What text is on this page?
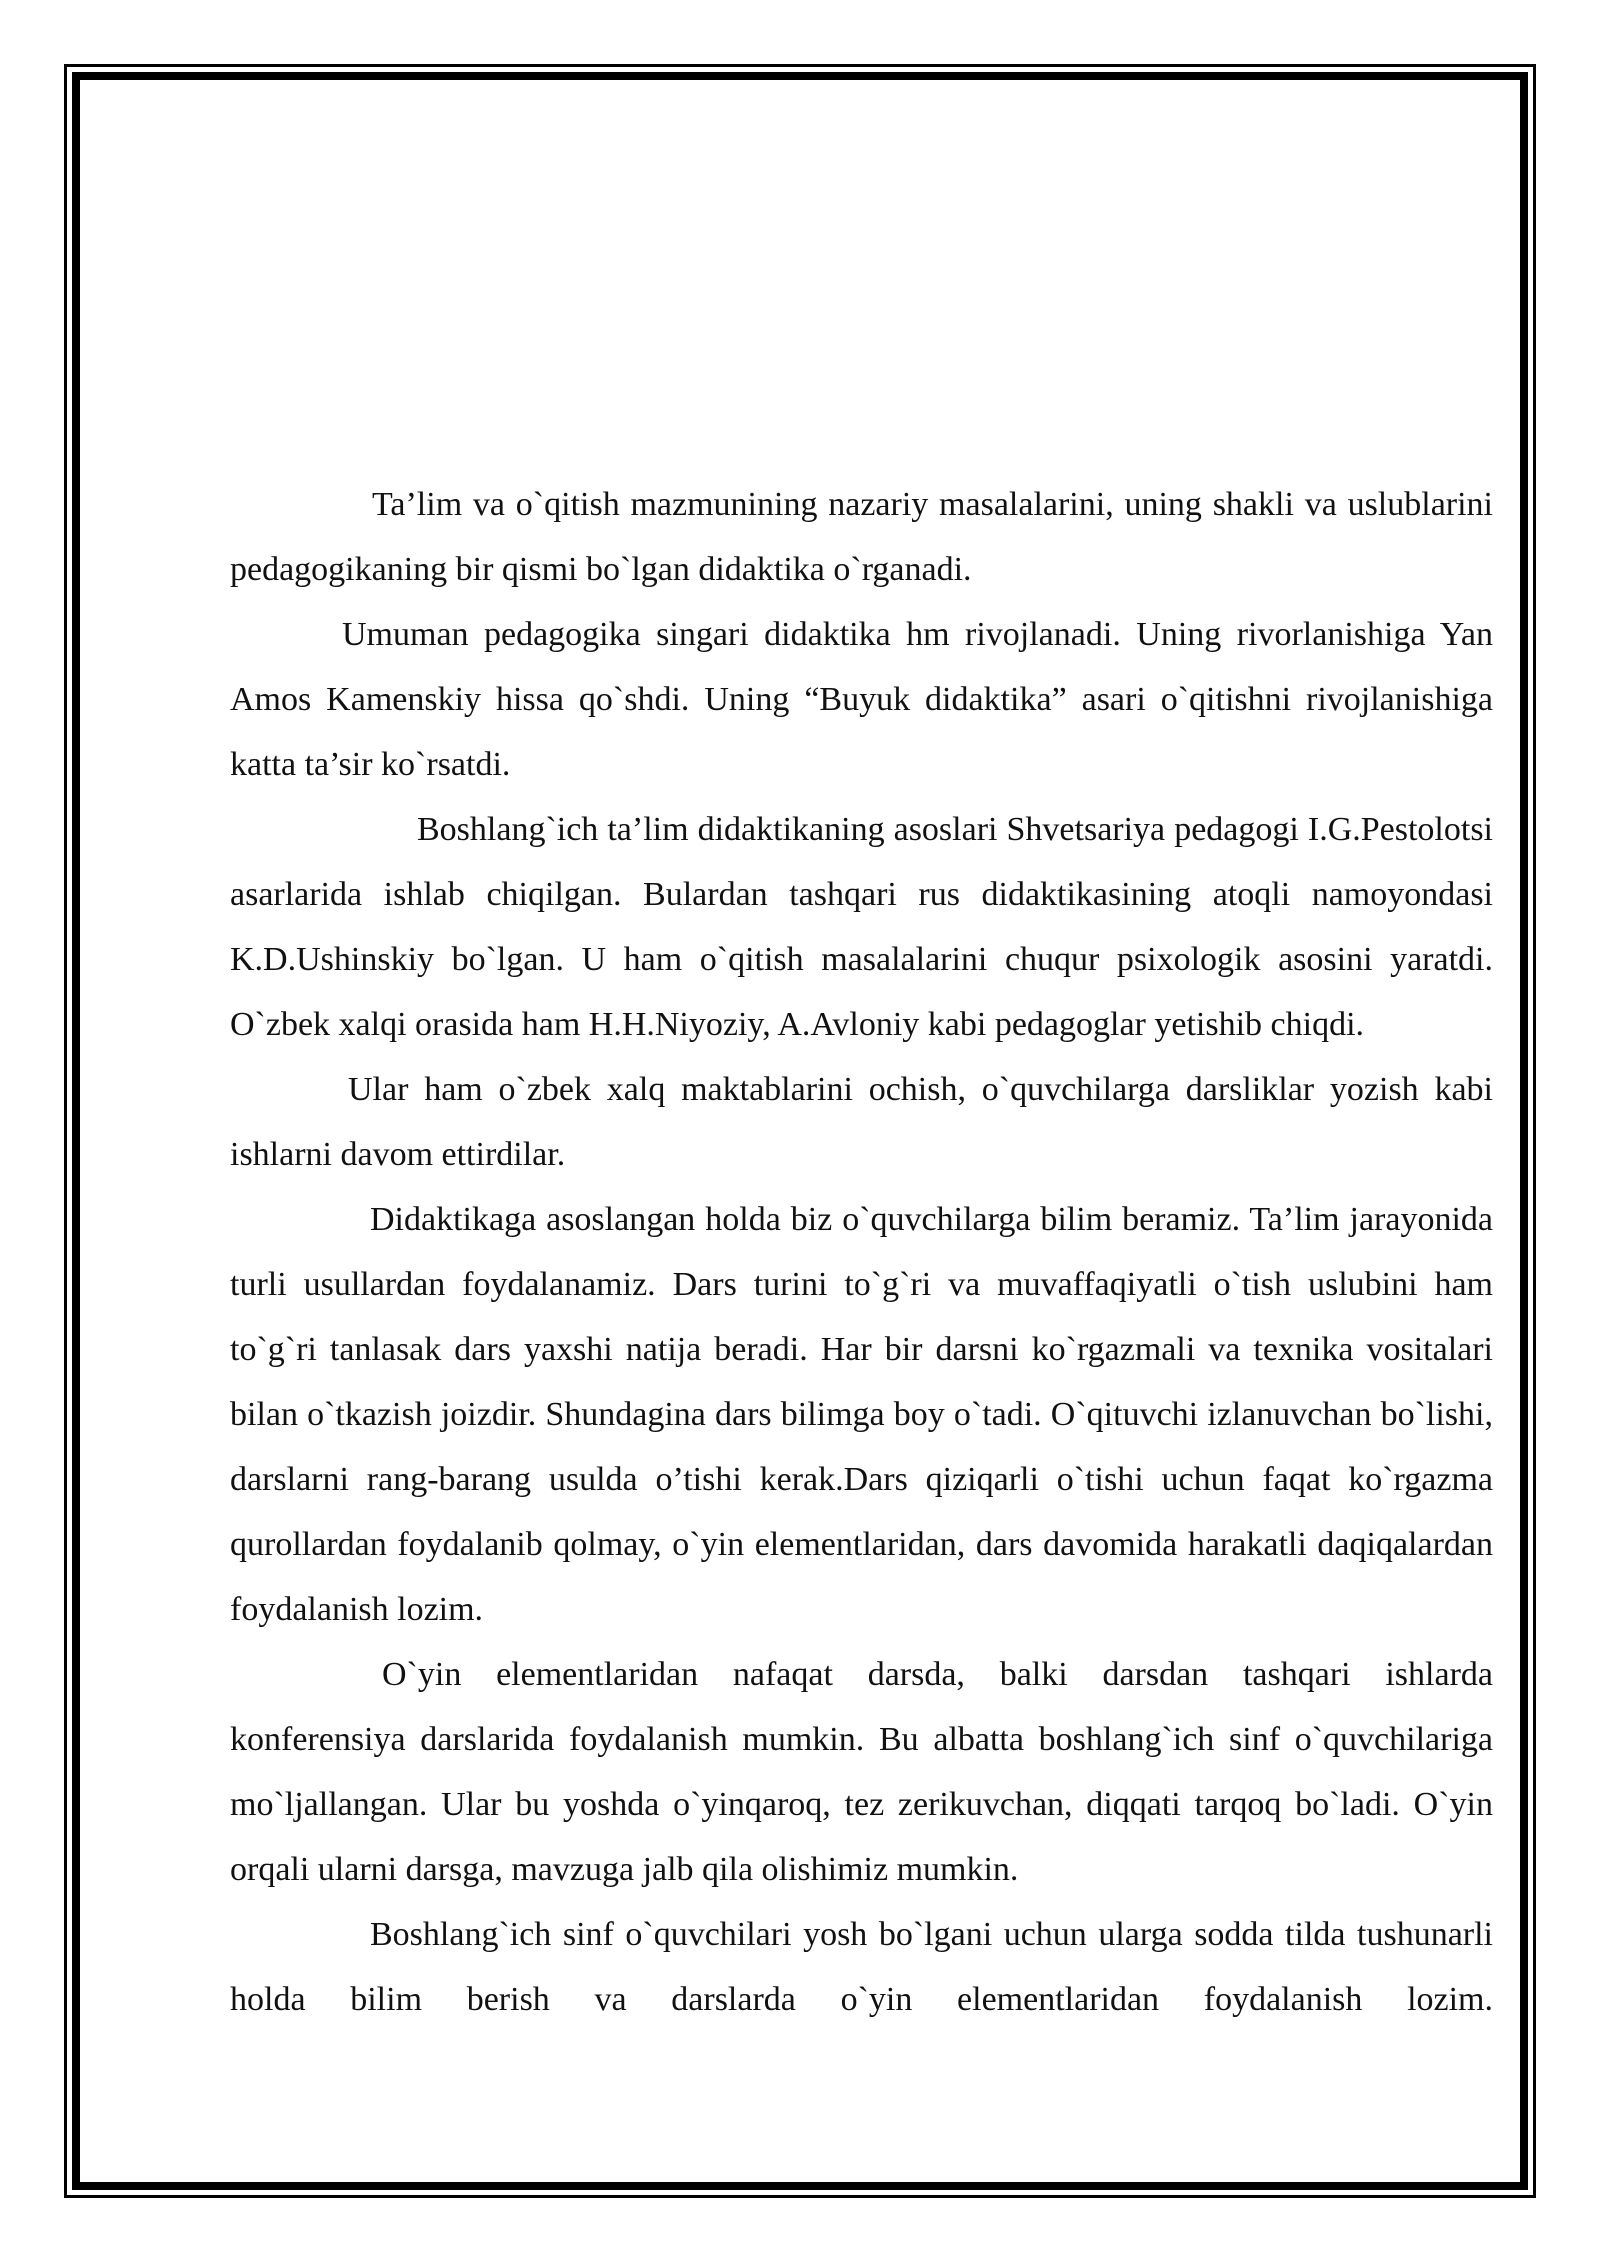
Ta’lim va o`qitish mazmunining nazariy masalalarini, uning shakli va uslublarini pedagogikaning bir qismi bo`lgan didaktika o`rganadi.

Umuman pedagogika singari didaktika hm rivojlanadi. Uning rivorlanishiga Yan Amos Kamenskiy hissa qo`shdi. Uning “Buyuk didaktika” asari o`qitishni rivojlanishiga katta ta’sir ko`rsatdi.

Boshlang`ich ta’lim didaktikaning asoslari Shvetsariya pedagogi I.G.Pestolotsi asarlarida ishlab chiqilgan. Bulardan tashqari rus didaktikasining atoqli namoyondasi K.D.Ushinskiy bo`lgan. U ham o`qitish masalalarini chuqur psixologik asosini yaratdi. O`zbek xalqi orasida ham H.H.Niyoziy, A.Avloniy kabi pedagoglar yetishib chiqdi.

Ular ham o`zbek xalq maktablarini ochish, o`quvchilarga darsliklar yozish kabi ishlarni davom ettirdilar.

Didaktikaga asoslangan holda biz o`quvchilarga bilim beramiz. Ta’lim jarayonida turli usullardan foydalanamiz. Dars turini to`g`ri va muvaffaqiyatli o`tish uslubini ham to`g`ri tanlasak dars yaxshi natija beradi. Har bir darsni ko`rgazmali va texnika vositalari bilan o`tkazish joizdir. Shundagina dars bilimga boy o`tadi. O`qituvchi izlanuvchan bo`lishi, darslarni rang-barang usulda o’tishi kerak.Dars qiziqarli o`tishi uchun faqat ko`rgazma qurollardan foydalanib qolmay, o`yin elementlaridan, dars davomida harakatli daqiqalardan foydalanish lozim.

O`yin elementlaridan nafaqat darsda, balki darsdan tashqari ishlarda konferensiya darslarida foydalanish mumkin. Bu albatta boshlang`ich sinf o`quvchilariga mo`ljallangan. Ular bu yoshda o`yinqaroq, tez zerikuvchan, diqqati tarqoq bo`ladi. O`yin orqali ularni darsga, mavzuga jalb qila olishimiz mumkin.

Boshlang`ich sinf o`quvchilari yosh bo`lgani uchun ularga sodda tilda tushunarli holda bilim berish va darslarda o`yin elementlaridan foydalanish lozim.
